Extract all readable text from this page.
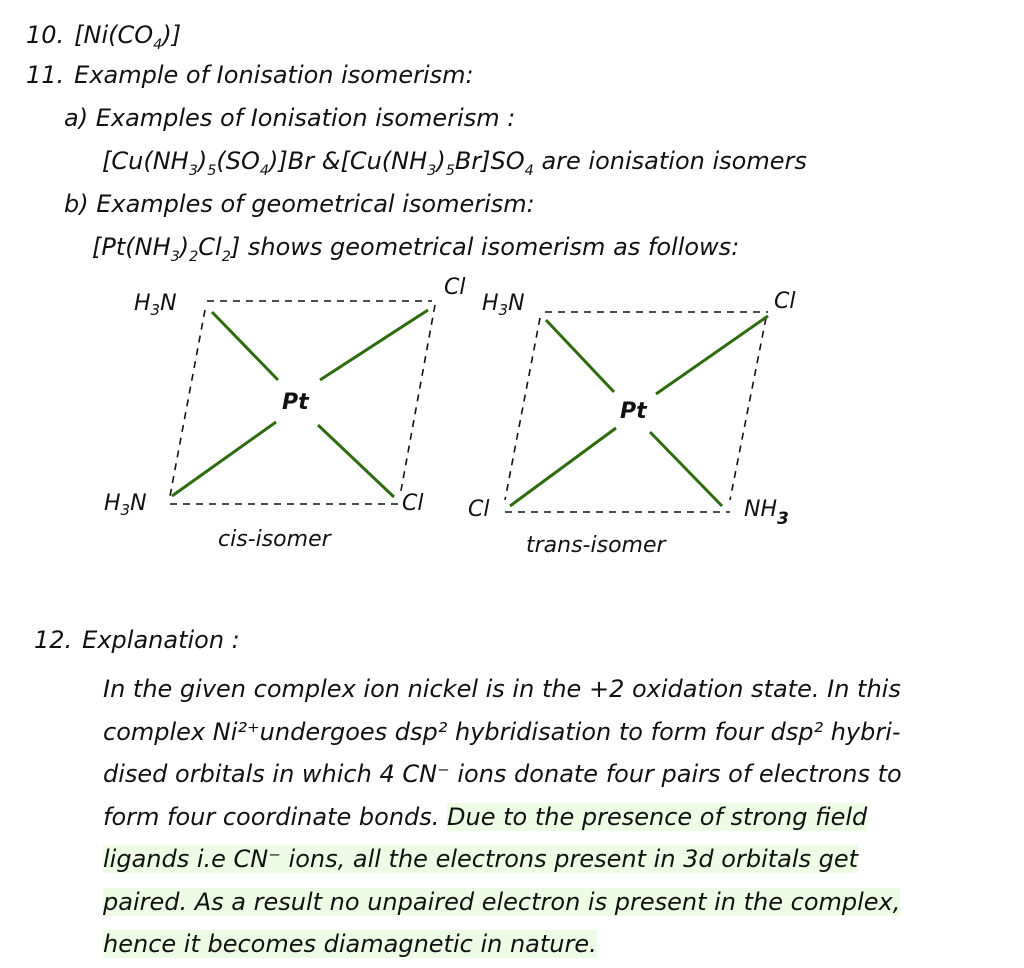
10. $[Ni(CO_4)]$
11. Example of Ionisation isomerism:
a) Examples of Ionisation isomerism :
$[Cu(NH_3)_5(SO_4)]Br$ $\&[Cu(NH_3)_5Br]SO_4$ are ionisation isomers
b) Examples of geometrical isomerism:
$[Pt(NH_3)_2Cl_2]$ shows geometrical isomerism as follows:
$H_3N$
Cl
$H_3N$	Cl
Pt
cis-isomer
$H_3N$	Cl
Cl	$NH_3$
Pt
trans-isomer
12. Explanation :
In the given complex ion nickel is in the +2 oxidation state. In this
complex Ni²⁺undergoes dsp² hybridisation to form four dsp² hybri-
dised orbitals in which 4 CN⁻ ions donate four pairs of electrons to
form four coordinate bonds. Due to the presence of strong field
ligands i.e CN⁻ ions, all the electrons present in 3d orbitals get
paired. As a result no unpaired electron is present in the complex,
hence it becomes diamagnetic in nature.
